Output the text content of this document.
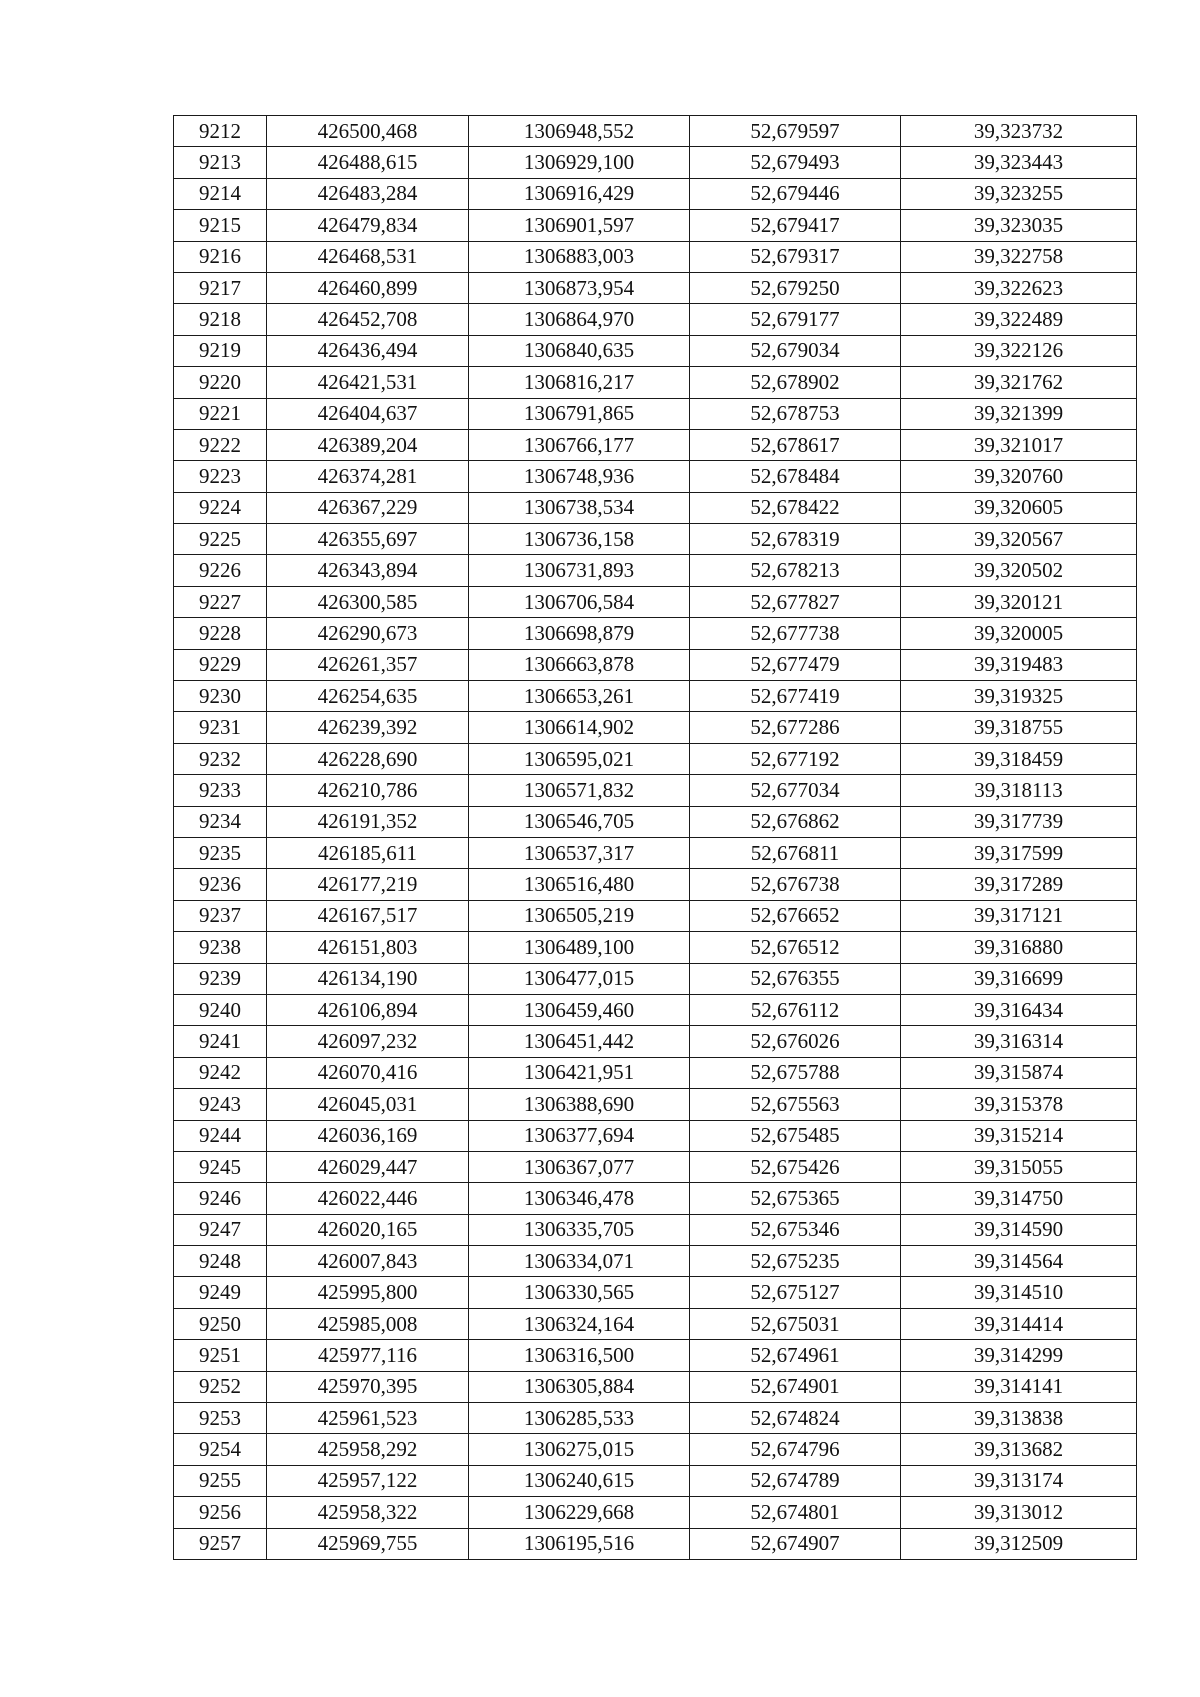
9212	426500,468	1306948,552	52,679597	39,323732
9213	426488,615	1306929,100	52,679493	39,323443
9214	426483,284	1306916,429	52,679446	39,323255
9215	426479,834	1306901,597	52,679417	39,323035
9216	426468,531	1306883,003	52,679317	39,322758
9217	426460,899	1306873,954	52,679250	39,322623
9218	426452,708	1306864,970	52,679177	39,322489
9219	426436,494	1306840,635	52,679034	39,322126
9220	426421,531	1306816,217	52,678902	39,321762
9221	426404,637	1306791,865	52,678753	39,321399
9222	426389,204	1306766,177	52,678617	39,321017
9223	426374,281	1306748,936	52,678484	39,320760
9224	426367,229	1306738,534	52,678422	39,320605
9225	426355,697	1306736,158	52,678319	39,320567
9226	426343,894	1306731,893	52,678213	39,320502
9227	426300,585	1306706,584	52,677827	39,320121
9228	426290,673	1306698,879	52,677738	39,320005
9229	426261,357	1306663,878	52,677479	39,319483
9230	426254,635	1306653,261	52,677419	39,319325
9231	426239,392	1306614,902	52,677286	39,318755
9232	426228,690	1306595,021	52,677192	39,318459
9233	426210,786	1306571,832	52,677034	39,318113
9234	426191,352	1306546,705	52,676862	39,317739
9235	426185,611	1306537,317	52,676811	39,317599
9236	426177,219	1306516,480	52,676738	39,317289
9237	426167,517	1306505,219	52,676652	39,317121
9238	426151,803	1306489,100	52,676512	39,316880
9239	426134,190	1306477,015	52,676355	39,316699
9240	426106,894	1306459,460	52,676112	39,316434
9241	426097,232	1306451,442	52,676026	39,316314
9242	426070,416	1306421,951	52,675788	39,315874
9243	426045,031	1306388,690	52,675563	39,315378
9244	426036,169	1306377,694	52,675485	39,315214
9245	426029,447	1306367,077	52,675426	39,315055
9246	426022,446	1306346,478	52,675365	39,314750
9247	426020,165	1306335,705	52,675346	39,314590
9248	426007,843	1306334,071	52,675235	39,314564
9249	425995,800	1306330,565	52,675127	39,314510
9250	425985,008	1306324,164	52,675031	39,314414
9251	425977,116	1306316,500	52,674961	39,314299
9252	425970,395	1306305,884	52,674901	39,314141
9253	425961,523	1306285,533	52,674824	39,313838
9254	425958,292	1306275,015	52,674796	39,313682
9255	425957,122	1306240,615	52,674789	39,313174
9256	425958,322	1306229,668	52,674801	39,313012
9257	425969,755	1306195,516	52,674907	39,312509
